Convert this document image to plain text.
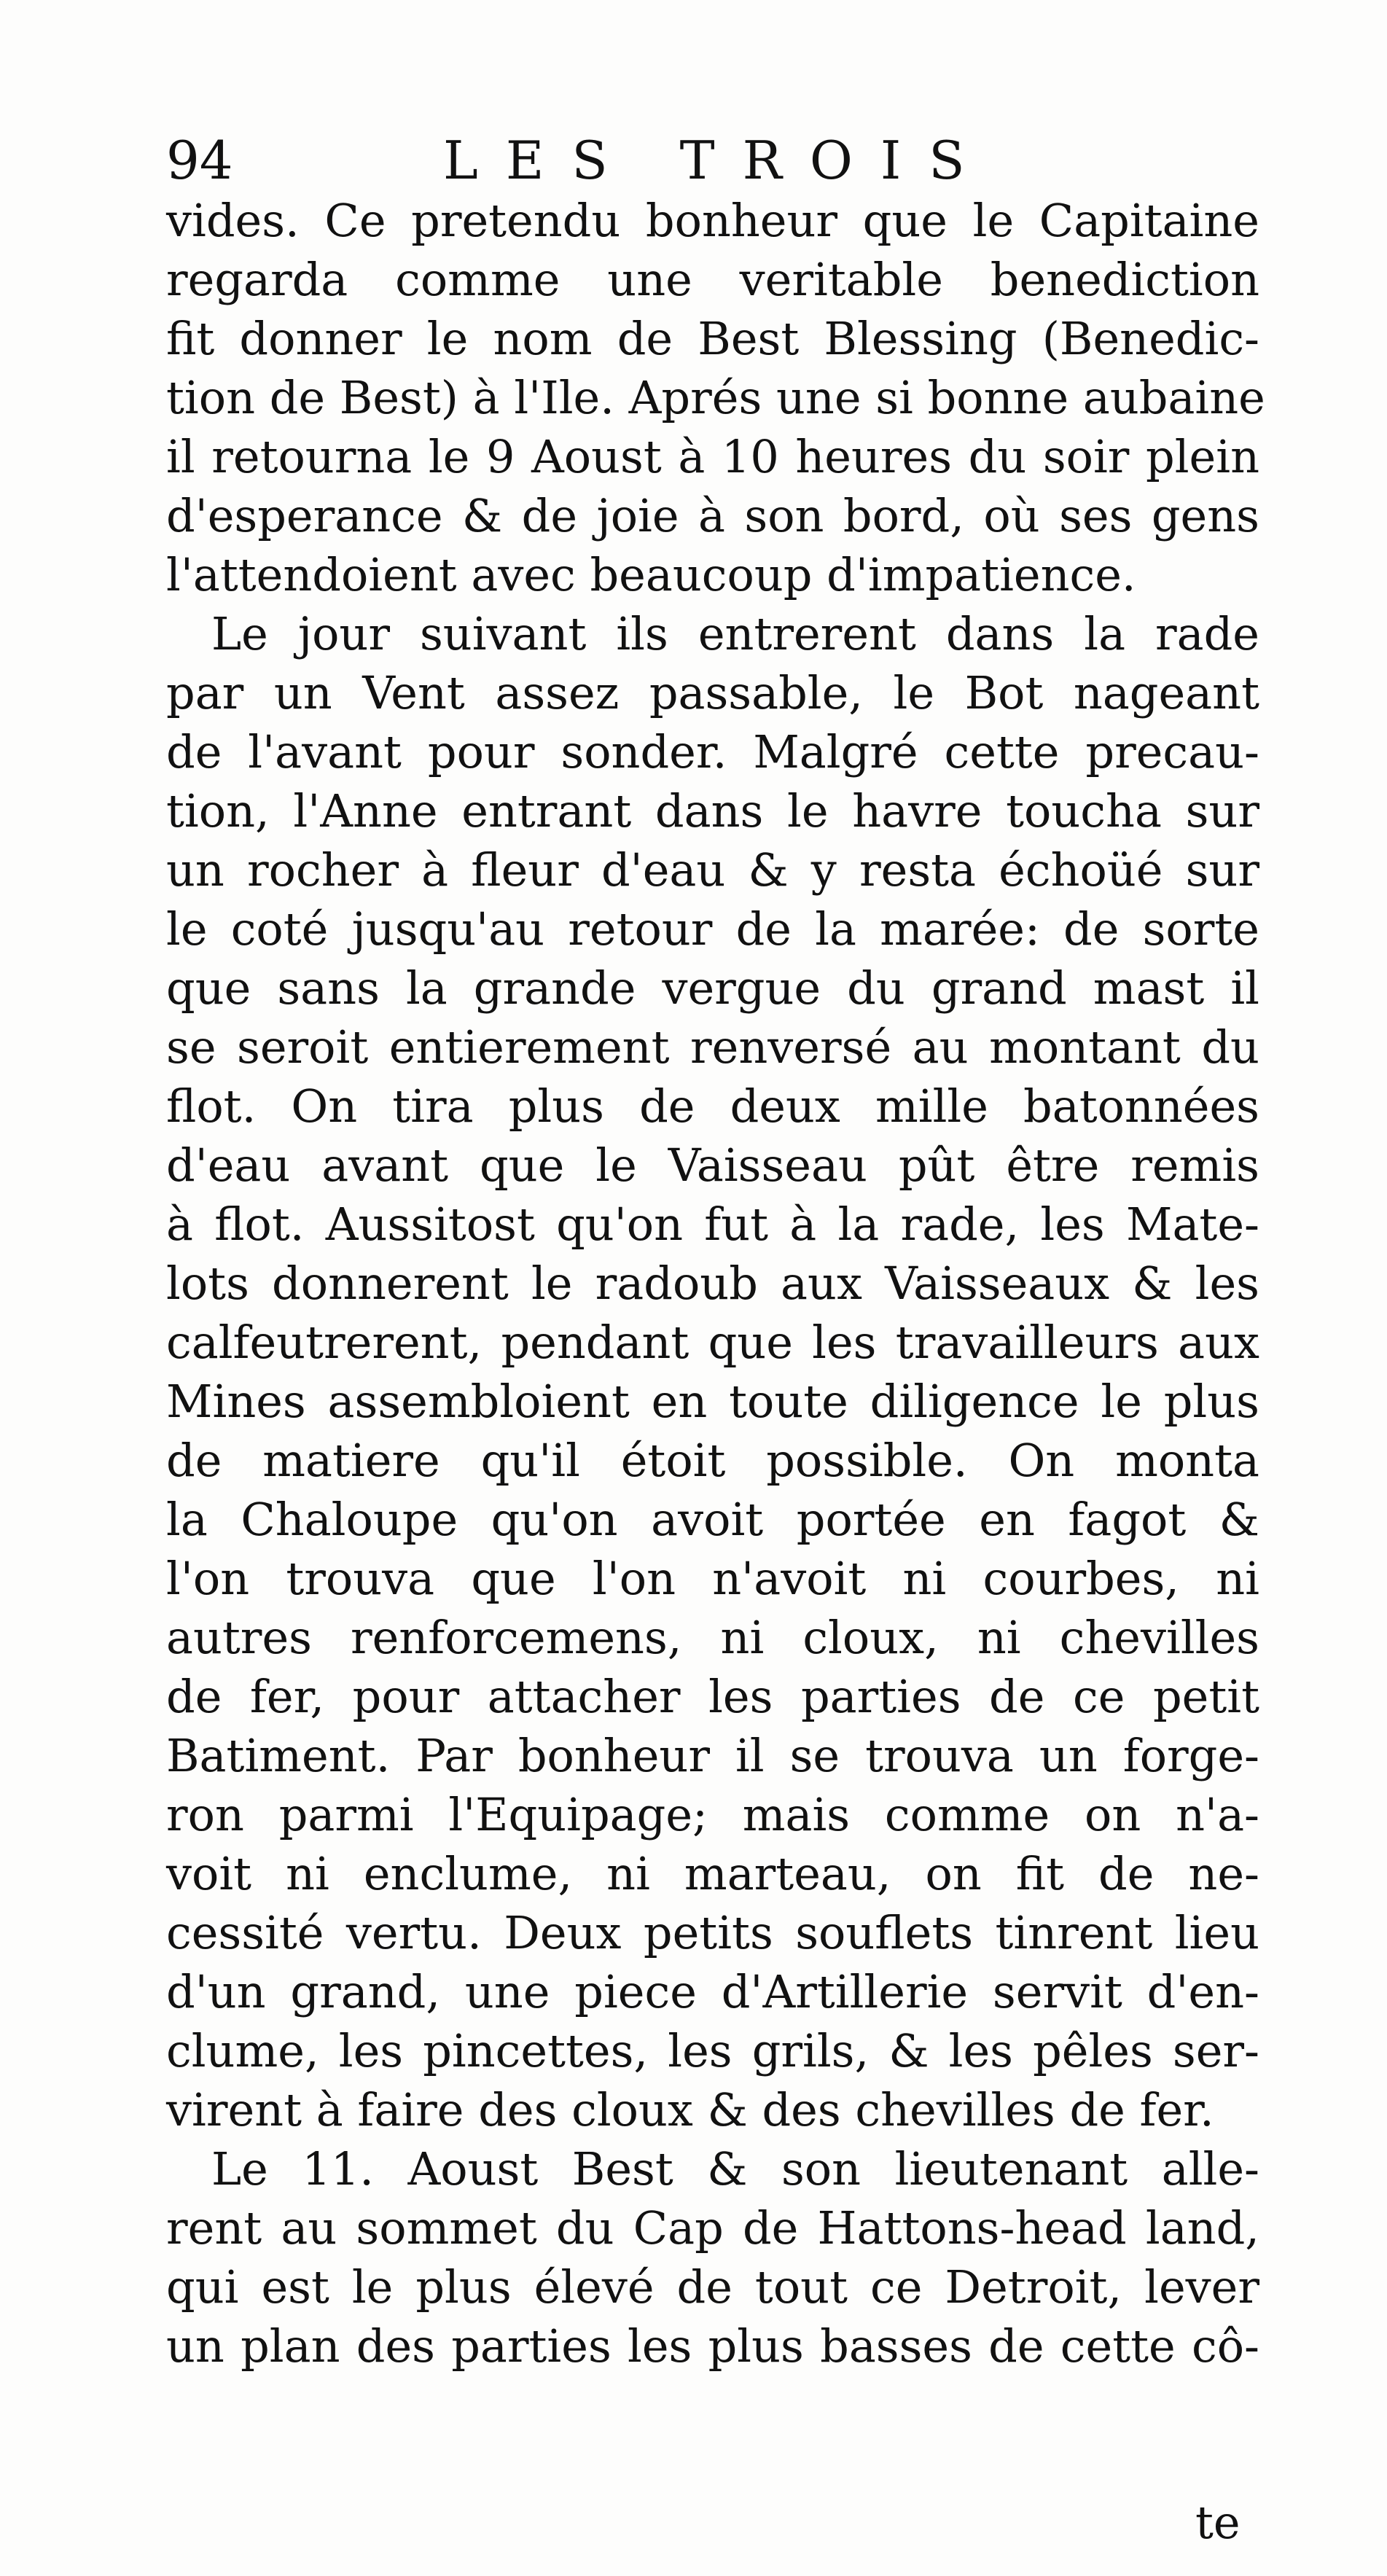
94	LES TROIS
vides. Ce pretendu bonheur que le Capitaine
regarda comme une veritable benediction
fit donner le nom de Best Blessing (Benedic-
tion de Best) à l'Ile. Aprés une si bonne aubaine
il retourna le 9 Aoust à 10 heures du soir plein
d'esperance & de joie à son bord, où ses gens
l'attendoient avec beaucoup d'impatience.
Le jour suivant ils entrerent dans la rade
par un Vent assez passable, le Bot nageant
de l'avant pour sonder. Malgré cette precau-
tion, l'Anne entrant dans le havre toucha sur
un rocher à fleur d'eau & y resta échoüé sur
le coté jusqu'au retour de la marée: de sorte
que sans la grande vergue du grand mast il
se seroit entierement renversé au montant du
flot. On tira plus de deux mille batonnées
d'eau avant que le Vaisseau pût être remis
à flot. Aussitost qu'on fut à la rade, les Mate-
lots donnerent le radoub aux Vaisseaux & les
calfeutrerent, pendant que les travailleurs aux
Mines assembloient en toute diligence le plus
de matiere qu'il étoit possible. On monta
la Chaloupe qu'on avoit portée en fagot &
l'on trouva que l'on n'avoit ni courbes, ni
autres renforcemens, ni cloux, ni chevilles
de fer, pour attacher les parties de ce petit
Batiment. Par bonheur il se trouva un forge-
ron parmi l'Equipage; mais comme on n'a-
voit ni enclume, ni marteau, on fit de ne-
cessité vertu. Deux petits souflets tinrent lieu
d'un grand, une piece d'Artillerie servit d'en-
clume, les pincettes, les grils, & les pêles ser-
virent à faire des cloux & des chevilles de fer.
Le 11. Aoust Best & son lieutenant alle-
rent au sommet du Cap de Hattons-head land,
qui est le plus élevé de tout ce Detroit, lever
un plan des parties les plus basses de cette cô-
te
